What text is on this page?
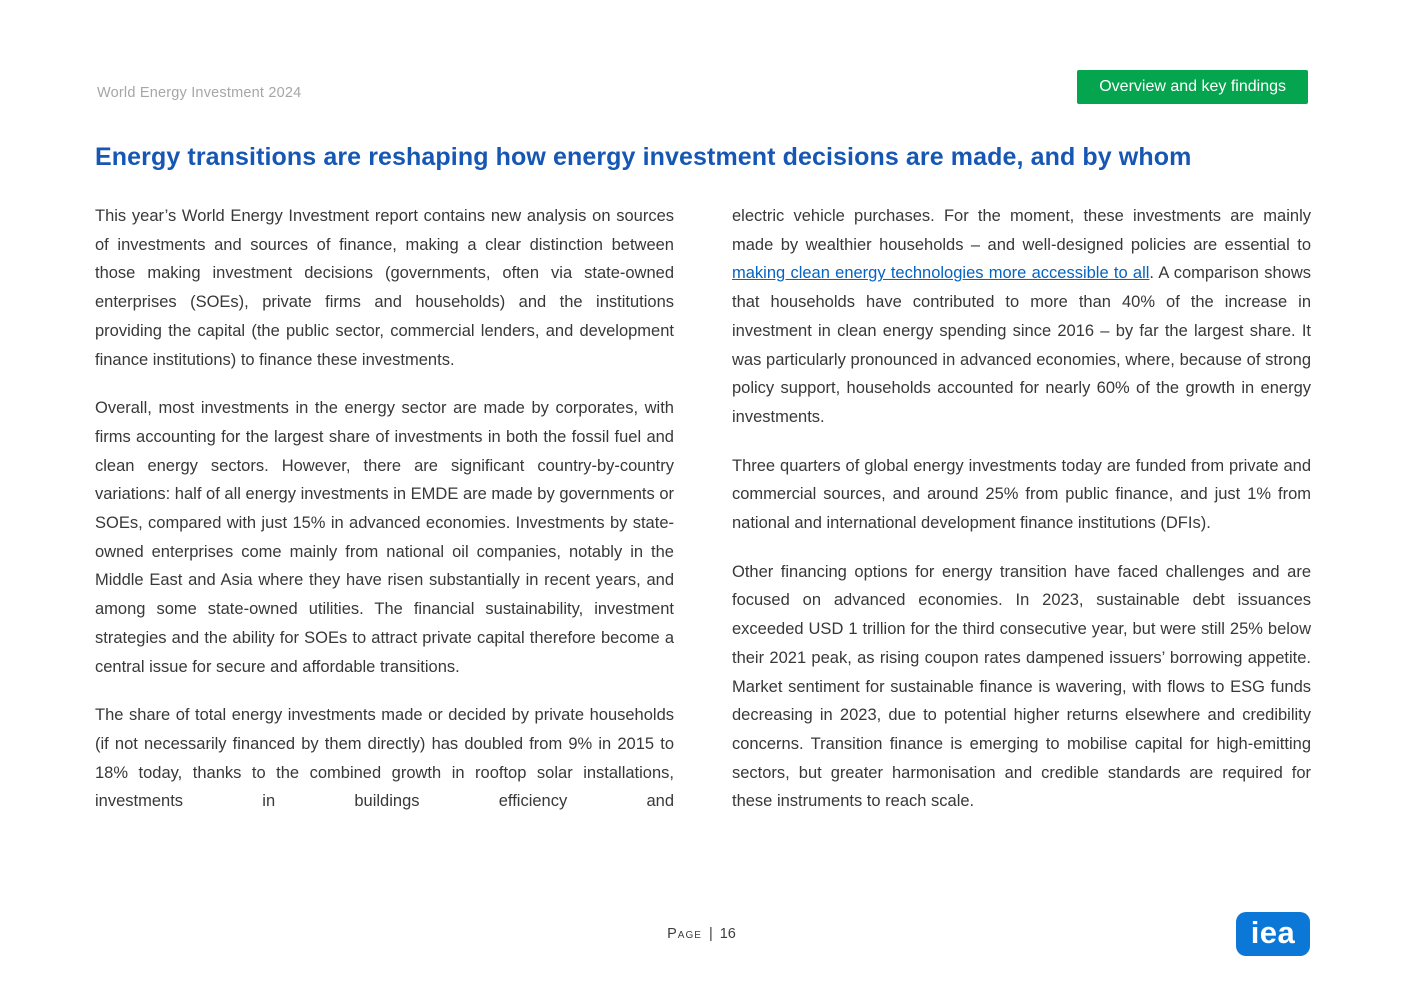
World Energy Investment 2024	Overview and key findings
Energy transitions are reshaping how energy investment decisions are made, and by whom

This year’s World Energy Investment report contains new analysis on sources of investments and sources of finance, making a clear distinction between those making investment decisions (governments, often via state-owned enterprises (SOEs), private firms and households) and the institutions providing the capital (the public sector, commercial lenders, and development finance institutions) to finance these investments.

Overall, most investments in the energy sector are made by corporates, with firms accounting for the largest share of investments in both the fossil fuel and clean energy sectors. However, there are significant country-by-country variations: half of all energy investments in EMDE are made by governments or SOEs, compared with just 15% in advanced economies. Investments by state-owned enterprises come mainly from national oil companies, notably in the Middle East and Asia where they have risen substantially in recent years, and among some state-owned utilities. The financial sustainability, investment strategies and the ability for SOEs to attract private capital therefore become a central issue for secure and affordable transitions.

The share of total energy investments made or decided by private households (if not necessarily financed by them directly) has doubled from 9% in 2015 to 18% today, thanks to the combined growth in rooftop solar installations, investments in buildings efficiency and

electric vehicle purchases. For the moment, these investments are mainly made by wealthier households – and well-designed policies are essential to making clean energy technologies more accessible to all. A comparison shows that households have contributed to more than 40% of the increase in investment in clean energy spending since 2016 – by far the largest share. It was particularly pronounced in advanced economies, where, because of strong policy support, households accounted for nearly 60% of the growth in energy investments.

Three quarters of global energy investments today are funded from private and commercial sources, and around 25% from public finance, and just 1% from national and international development finance institutions (DFIs).

Other financing options for energy transition have faced challenges and are focused on advanced economies. In 2023, sustainable debt issuances exceeded USD 1 trillion for the third consecutive year, but were still 25% below their 2021 peak, as rising coupon rates dampened issuers’ borrowing appetite. Market sentiment for sustainable finance is wavering, with flows to ESG funds decreasing in 2023, due to potential higher returns elsewhere and credibility concerns. Transition finance is emerging to mobilise capital for high-emitting sectors, but greater harmonisation and credible standards are required for these instruments to reach scale.

Page | 16	iea
